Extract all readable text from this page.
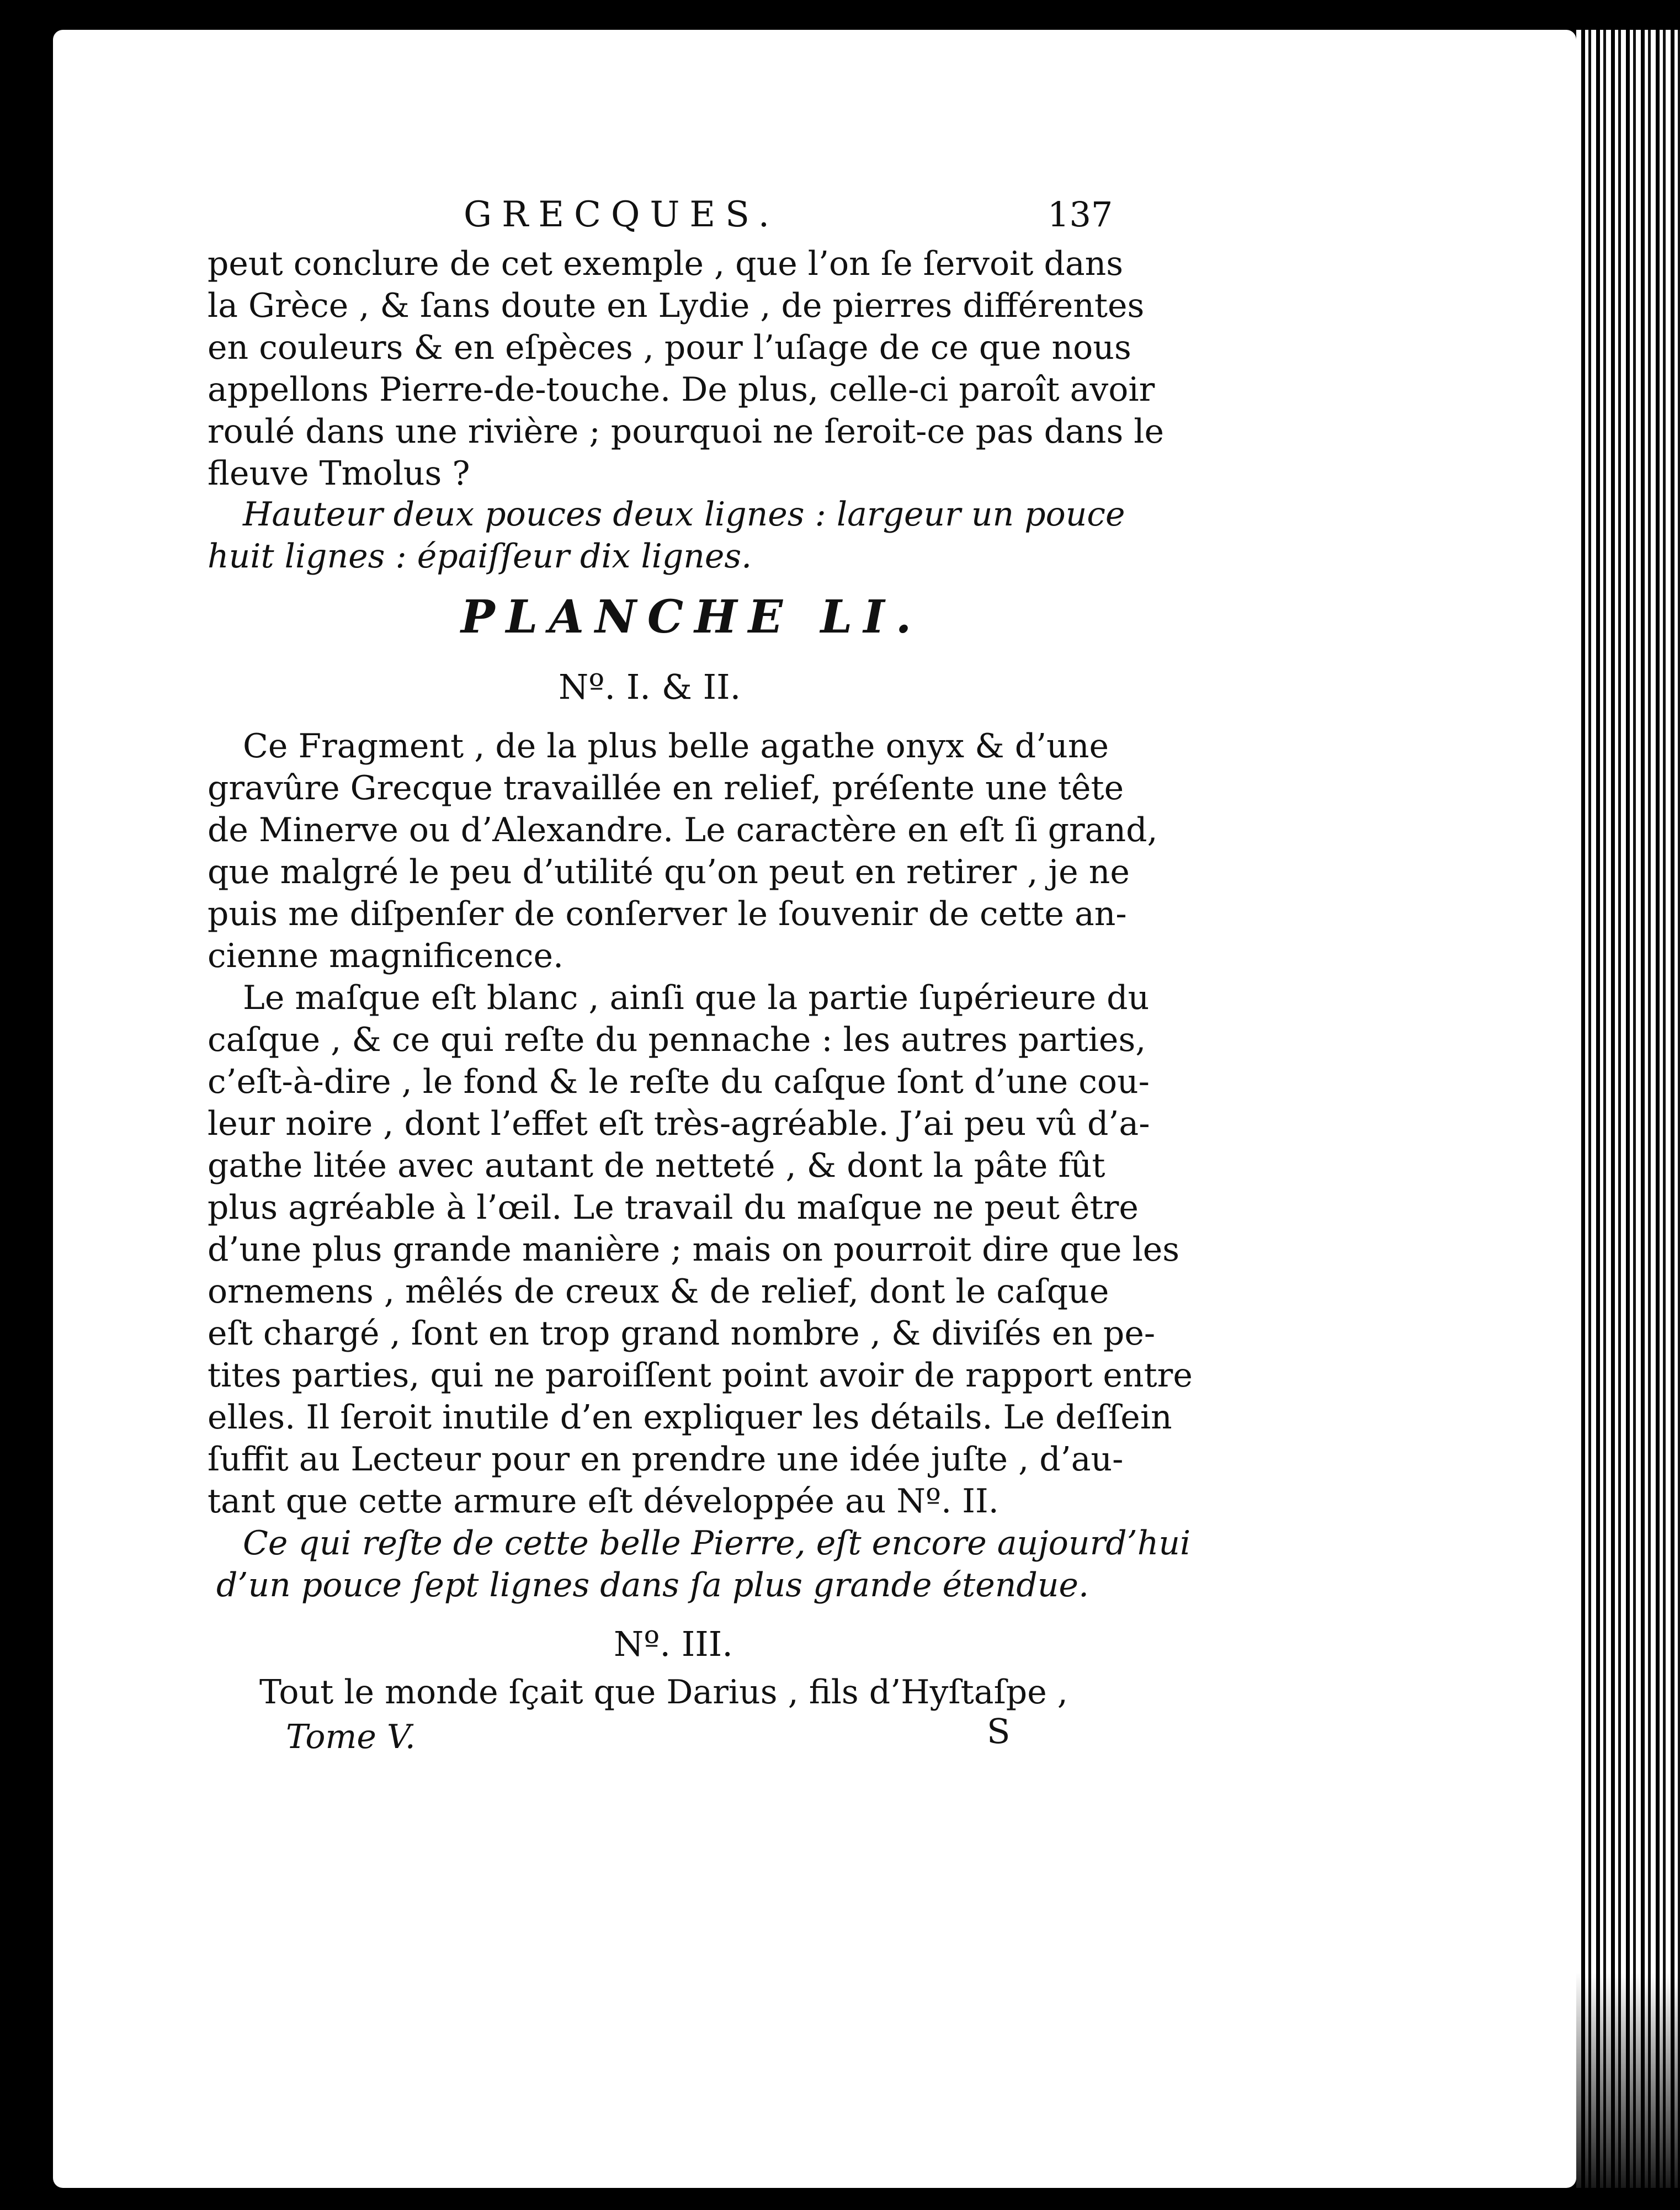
GRECQUES.	137
peut conclure de cet exemple , que l’on ſe ſervoit dans
la Grèce , & ſans doute en Lydie , de pierres différentes
en couleurs & en eſpèces , pour l’uſage de ce que nous
appellons Pierre-de-touche. De plus, celle-ci paroît avoir
roulé dans une rivière ; pourquoi ne ſeroit-ce pas dans le
fleuve Tmolus ?
Hauteur deux pouces deux lignes : largeur un pouce
huit lignes : épaiſſeur dix lignes.
PLANCHE LI.
Nº. I. & II.
Ce Fragment , de la plus belle agathe onyx & d’une
gravûre Grecque travaillée en relief, préſente une tête
de Minerve ou d’Alexandre. Le caractère en eſt ſi grand,
que malgré le peu d’utilité qu’on peut en retirer , je ne
puis me diſpenſer de conſerver le ſouvenir de cette an-
cienne magnificence.
Le maſque eſt blanc , ainſi que la partie ſupérieure du
caſque , & ce qui reſte du pennache : les autres parties,
c’eſt-à-dire , le fond & le reſte du caſque ſont d’une cou-
leur noire , dont l’effet eſt très-agréable. J’ai peu vû d’a-
gathe litée avec autant de netteté , & dont la pâte fût
plus agréable à l’œil. Le travail du maſque ne peut être
d’une plus grande manière ; mais on pourroit dire que les
ornemens , mêlés de creux & de relief, dont le caſque
eſt chargé , ſont en trop grand nombre , & diviſés en pe-
tites parties, qui ne paroiſſent point avoir de rapport entre
elles. Il ſeroit inutile d’en expliquer les détails. Le deſſein
ſuffit au Lecteur pour en prendre une idée juſte , d’au-
tant que cette armure eſt développée au Nº. II.
Ce qui reſte de cette belle Pierre, eſt encore aujourd’hui
d’un pouce ſept lignes dans ſa plus grande étendue.
Nº. III.
Tout le monde ſçait que Darius , fils d’Hyſtaſpe ,
Tome V.	S
